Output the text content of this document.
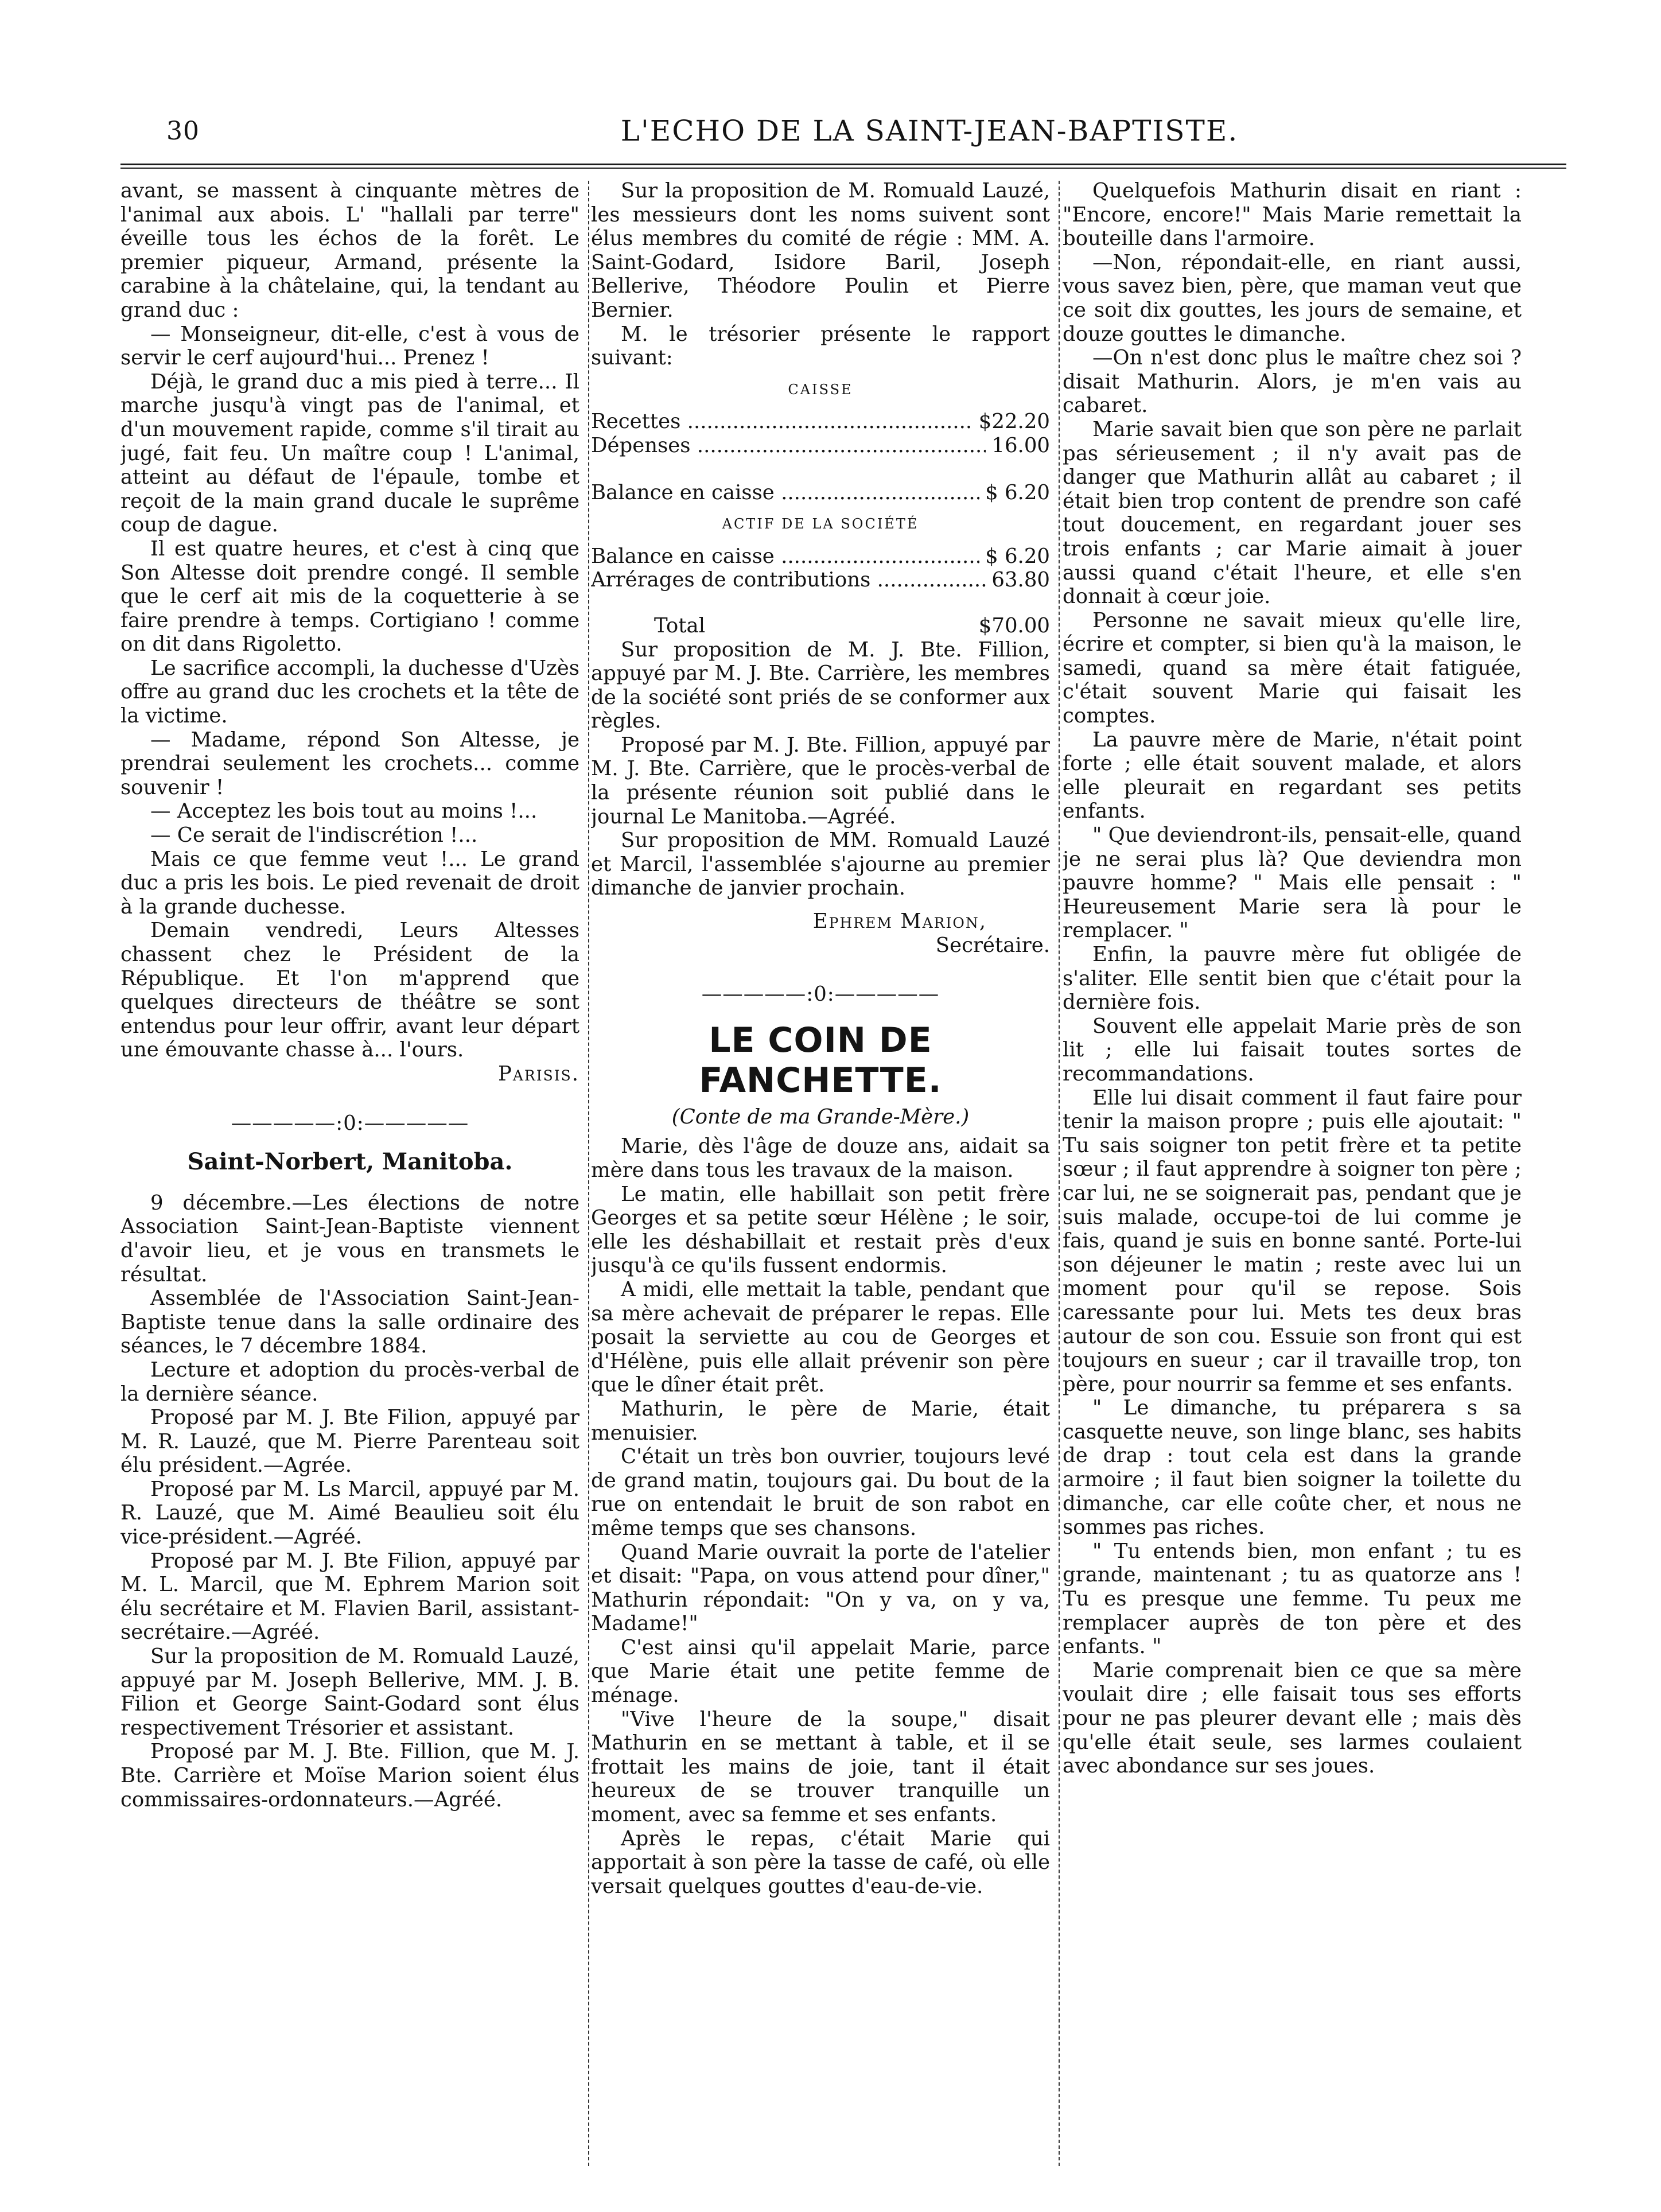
30	L'ECHO DE LA SAINT-JEAN-BAPTISTE.

avant, se massent à cinquante mètres de l'animal aux abois. L' "hallali par terre" éveille tous les échos de la forêt. Le premier piqueur, Armand, présente la carabine à la châtelaine, qui, la tendant au grand duc :

— Monseigneur, dit-elle, c'est à vous de servir le cerf aujourd'hui... Prenez !

Déjà, le grand duc a mis pied à terre... Il marche jusqu'à vingt pas de l'animal, et d'un mouvement rapide, comme s'il tirait au jugé, fait feu. Un maître coup ! L'animal, atteint au défaut de l'épaule, tombe et reçoit de la main grand ducale le suprême coup de dague.

Il est quatre heures, et c'est à cinq que Son Altesse doit prendre congé. Il semble que le cerf ait mis de la coquetterie à se faire prendre à temps. Cortigiano ! comme on dit dans Rigoletto.

Le sacrifice accompli, la duchesse d'Uzès offre au grand duc les crochets et la tête de la victime.

— Madame, répond Son Altesse, je prendrai seulement les crochets... comme souvenir !

— Acceptez les bois tout au moins !...

— Ce serait de l'indiscrétion !...

Mais ce que femme veut !... Le grand duc a pris les bois. Le pied revenait de droit à la grande duchesse.

Demain vendredi, Leurs Altesses chassent chez le Président de la République. Et l'on m'apprend que quelques directeurs de théâtre se sont entendus pour leur offrir, avant leur départ une émouvante chasse à... l'ours.

Parisis.

—————:0:—————
Saint-Norbert, Manitoba.

9 décembre.—Les élections de notre Association Saint-Jean-Baptiste viennent d'avoir lieu, et je vous en transmets le résultat.

Assemblée de l'Association Saint-Jean-Baptiste tenue dans la salle ordinaire des séances, le 7 décembre 1884.

Lecture et adoption du procès-verbal de la dernière séance.

Proposé par M. J. Bte Filion, appuyé par M. R. Lauzé, que M. Pierre Parenteau soit élu président.—Agrée.

Proposé par M. Ls Marcil, appuyé par M. R. Lauzé, que M. Aimé Beaulieu soit élu vice-président.—Agréé.

Proposé par M. J. Bte Filion, appuyé par M. L. Marcil, que M. Ephrem Marion soit élu secrétaire et M. Flavien Baril, assistant-secrétaire.—Agréé.

Sur la proposition de M. Romuald Lauzé, appuyé par M. Joseph Bellerive, MM. J. B. Filion et George Saint-Godard sont élus respectivement Trésorier et assistant.

Proposé par M. J. Bte. Fillion, que M. J. Bte. Carrière et Moïse Marion soient élus commissaires-ordonnateurs.—Agréé.

Sur la proposition de M. Romuald Lauzé, les messieurs dont les noms suivent sont élus membres du comité de régie : MM. A. Saint-Godard, Isidore Baril, Joseph Bellerive, Théodore Poulin et Pierre Bernier.

M. le trésorier présente le rapport suivant:

CAISSE
Recettes .....	$22.20
Dépenses .....	16.00
Balance en caisse .....	$ 6.20
ACTIF DE LA SOCIÉTÉ
Balance en caisse .....	$ 6.20
Arrérages de contributions .....	63.80
Total	$70.00

Sur proposition de M. J. Bte. Fillion, appuyé par M. J. Bte. Carrière, les membres de la société sont priés de se conformer aux règles.

Proposé par M. J. Bte. Fillion, appuyé par M. J. Bte. Carrière, que le procès-verbal de la présente réunion soit publié dans le journal Le Manitoba.—Agréé.

Sur proposition de MM. Romuald Lauzé et Marcil, l'assemblée s'ajourne au premier dimanche de janvier prochain.

Ephrem Marion,

Secrétaire.

—————:0:—————
LE COIN DE FANCHETTE.
(Conte de ma Grande-Mère.)

Marie, dès l'âge de douze ans, aidait sa mère dans tous les travaux de la maison.

Le matin, elle habillait son petit frère Georges et sa petite sœur Hélène ; le soir, elle les déshabillait et restait près d'eux jusqu'à ce qu'ils fussent endormis.

A midi, elle mettait la table, pendant que sa mère achevait de préparer le repas. Elle posait la serviette au cou de Georges et d'Hélène, puis elle allait prévenir son père que le dîner était prêt.

Mathurin, le père de Marie, était menuisier.

C'était un très bon ouvrier, toujours levé de grand matin, toujours gai. Du bout de la rue on entendait le bruit de son rabot en même temps que ses chansons.

Quand Marie ouvrait la porte de l'atelier et disait: "Papa, on vous attend pour dîner," Mathurin répondait: "On y va, on y va, Madame!"

C'est ainsi qu'il appelait Marie, parce que Marie était une petite femme de ménage.

"Vive l'heure de la soupe," disait Mathurin en se mettant à table, et il se frottait les mains de joie, tant il était heureux de se trouver tranquille un moment, avec sa femme et ses enfants.

Après le repas, c'était Marie qui apportait à son père la tasse de café, où elle versait quelques gouttes d'eau-de-vie.

Quelquefois Mathurin disait en riant : "Encore, encore!" Mais Marie remettait la bouteille dans l'armoire.

—Non, répondait-elle, en riant aussi, vous savez bien, père, que maman veut que ce soit dix gouttes, les jours de semaine, et douze gouttes le dimanche.

—On n'est donc plus le maître chez soi ? disait Mathurin. Alors, je m'en vais au cabaret.

Marie savait bien que son père ne parlait pas sérieusement ; il n'y avait pas de danger que Mathurin allât au cabaret ; il était bien trop content de prendre son café tout doucement, en regardant jouer ses trois enfants ; car Marie aimait à jouer aussi quand c'était l'heure, et elle s'en donnait à cœur joie.

Personne ne savait mieux qu'elle lire, écrire et compter, si bien qu'à la maison, le samedi, quand sa mère était fatiguée, c'était souvent Marie qui faisait les comptes.

La pauvre mère de Marie, n'était point forte ; elle était souvent malade, et alors elle pleurait en regardant ses petits enfants.

" Que deviendront-ils, pensait-elle, quand je ne serai plus là? Que deviendra mon pauvre homme? " Mais elle pensait : " Heureusement Marie sera là pour le remplacer. "

Enfin, la pauvre mère fut obligée de s'aliter. Elle sentit bien que c'était pour la dernière fois.

Souvent elle appelait Marie près de son lit ; elle lui faisait toutes sortes de recommandations.

Elle lui disait comment il faut faire pour tenir la maison propre ; puis elle ajoutait: " Tu sais soigner ton petit frère et ta petite sœur ; il faut apprendre à soigner ton père ; car lui, ne se soignerait pas, pendant que je suis malade, occupe-toi de lui comme je fais, quand je suis en bonne santé. Porte-lui son déjeuner le matin ; reste avec lui un moment pour qu'il se repose. Sois caressante pour lui. Mets tes deux bras autour de son cou. Essuie son front qui est toujours en sueur ; car il travaille trop, ton père, pour nourrir sa femme et ses enfants.

" Le dimanche, tu préparera s sa casquette neuve, son linge blanc, ses habits de drap : tout cela est dans la grande armoire ; il faut bien soigner la toilette du dimanche, car elle coûte cher, et nous ne sommes pas riches.

" Tu entends bien, mon enfant ; tu es grande, maintenant ; tu as quatorze ans ! Tu es presque une femme. Tu peux me remplacer auprès de ton père et des enfants. "

Marie comprenait bien ce que sa mère voulait dire ; elle faisait tous ses efforts pour ne pas pleurer devant elle ; mais dès qu'elle était seule, ses larmes coulaient avec abondance sur ses joues.
